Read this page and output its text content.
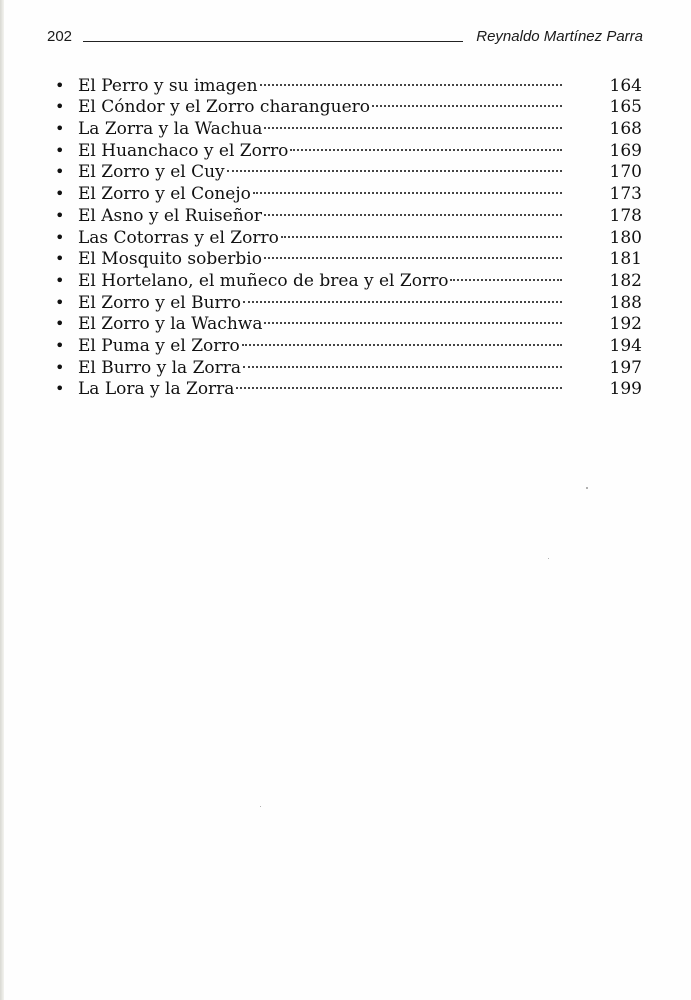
202	Reynaldo Martínez Parra
• El Perro y su imagen	164
• El Cóndor y el Zorro charanguero	165
• La Zorra y la Wachua	168
• El Huanchaco y el Zorro	169
• El Zorro y el Cuy	170
• El Zorro y el Conejo	173
• El Asno y el Ruiseñor	178
• Las Cotorras y el Zorro	180
• El Mosquito soberbio	181
• El Hortelano, el muñeco de brea y el Zorro	182
• El Zorro y el Burro	188
• El Zorro y la Wachwa	192
• El Puma y el Zorro	194
• El Burro y la Zorra	197
• La Lora y la Zorra	199
